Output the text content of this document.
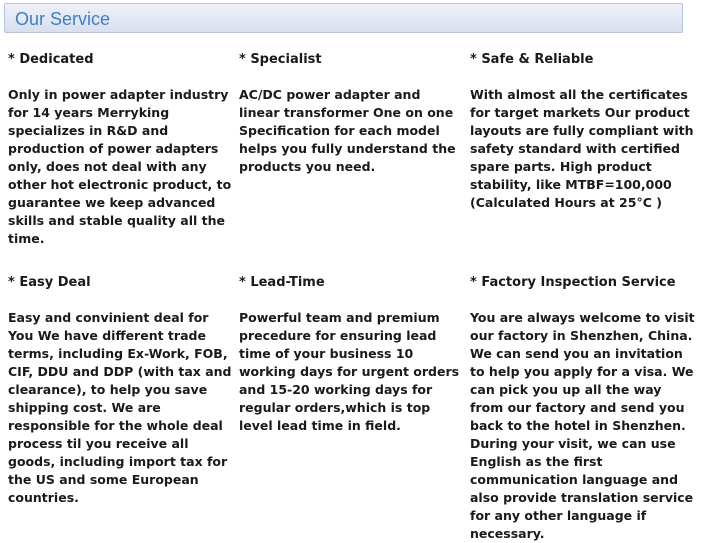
Our Service
* Dedicated

Only in power adapter industry for 14 years Merryking specializes in R&D and production of power adapters only, does not deal with any other hot electronic product, to guarantee we keep advanced skills and stable quality all the time.

* Specialist

AC/DC power adapter and linear transformer One on one Specification for each model helps you fully understand the products you need.

* Safe & Reliable

With almost all the certificates for target markets Our product layouts are fully compliant with safety standard with certified spare parts. High product stability, like MTBF=100,000 (Calculated Hours at 25°C )

* Easy Deal

Easy and convinient deal for You We have different trade terms, including Ex-Work, FOB, CIF, DDU and DDP (with tax and clearance), to help you save shipping cost. We are responsible for the whole deal process til you receive all goods, including import tax for the US and some European countries.

* Lead-Time

Powerful team and premium precedure for ensuring lead time of your business 10 working days for urgent orders and 15-20 working days for regular orders,which is top level lead time in field.

* Factory Inspection Service

You are always welcome to visit our factory in Shenzhen, China. We can send you an invitation to help you apply for a visa. We can pick you up all the way from our factory and send you back to the hotel in Shenzhen. During your visit, we can use English as the first communication language and also provide translation service for any other language if necessary.
